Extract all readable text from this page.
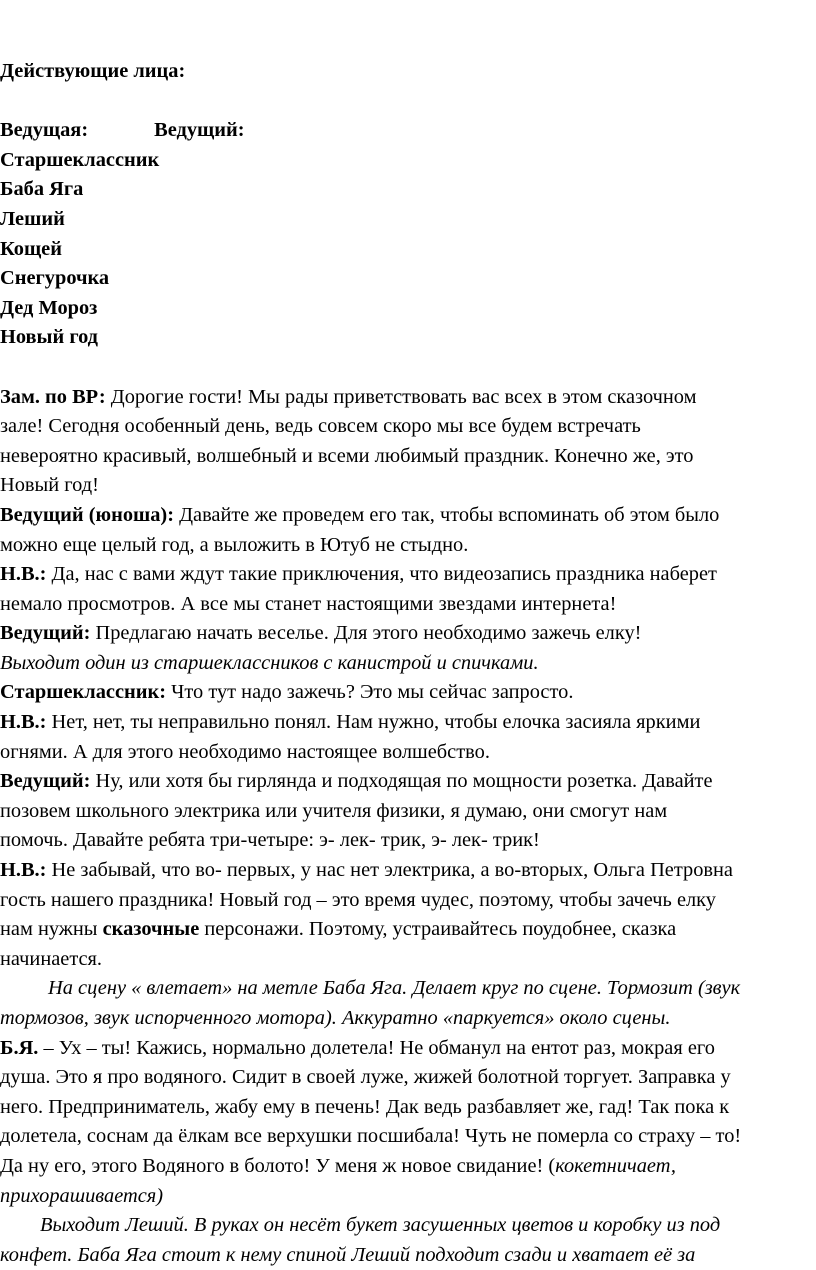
Действующие лица:
Ведущая:	Ведущий:
Старшеклассник
Баба Яга
Леший
Кощей
Снегурочка
Дед Мороз
Новый год
Зам. по ВР: Дорогие гости! Мы рады приветствовать вас всех в этом сказочном
зале! Сегодня особенный день, ведь совсем скоро мы все будем встречать
невероятно красивый, волшебный и всеми любимый праздник. Конечно же, это
Новый год!
Ведущий (юноша): Давайте же проведем его так, чтобы вспоминать об этом было
можно еще целый год, а выложить в Ютуб не стыдно.
Н.В.: Да, нас с вами ждут такие приключения, что видеозапись праздника наберет
немало просмотров. А все мы станет настоящими звездами интернета!
Ведущий: Предлагаю начать веселье. Для этого необходимо зажечь елку!
Выходит один из старшеклассников с канистрой и спичками.
Старшеклассник: Что тут надо зажечь? Это мы сейчас запросто.
Н.В.: Нет, нет, ты неправильно понял. Нам нужно, чтобы елочка засияла яркими
огнями. А для этого необходимо настоящее волшебство.
Ведущий: Ну, или хотя бы гирлянда и подходящая по мощности розетка. Давайте
позовем школьного электрика или учителя физики, я думаю, они смогут нам
помочь. Давайте ребята три-четыре: э- лек- трик, э- лек- трик!
Н.В.: Не забывай, что во- первых, у нас нет электрика, а во-вторых, Ольга Петровна
гость нашего праздника! Новый год – это время чудес, поэтому, чтобы зачечь елку
нам нужны сказочные персонажи. Поэтому, устраивайтесь поудобнее, сказка
начинается.
На сцену « влетает» на метле Баба Яга. Делает круг по сцене. Тормозит (звук
тормозов, звук испорченного мотора). Аккуратно «паркуется» около сцены.
Б.Я. – Ух – ты! Кажись, нормально долетела! Не обманул на ентот раз, мокрая его
душа. Это я про водяного. Сидит в своей луже, жижей болотной торгует. Заправка у
него. Предприниматель, жабу ему в печень! Дак ведь разбавляет же, гад! Так пока к
долетела, соснам да ёлкам все верхушки посшибала! Чуть не померла со страху – то!
Да ну его, этого Водяного в болото! У меня ж новое свидание! (кокетничает,
прихорашивается)
Выходит Леший. В руках он несёт букет засушенных цветов и коробку из под
конфет. Баба Яга стоит к нему спиной Леший подходит сзади и хватает её за
